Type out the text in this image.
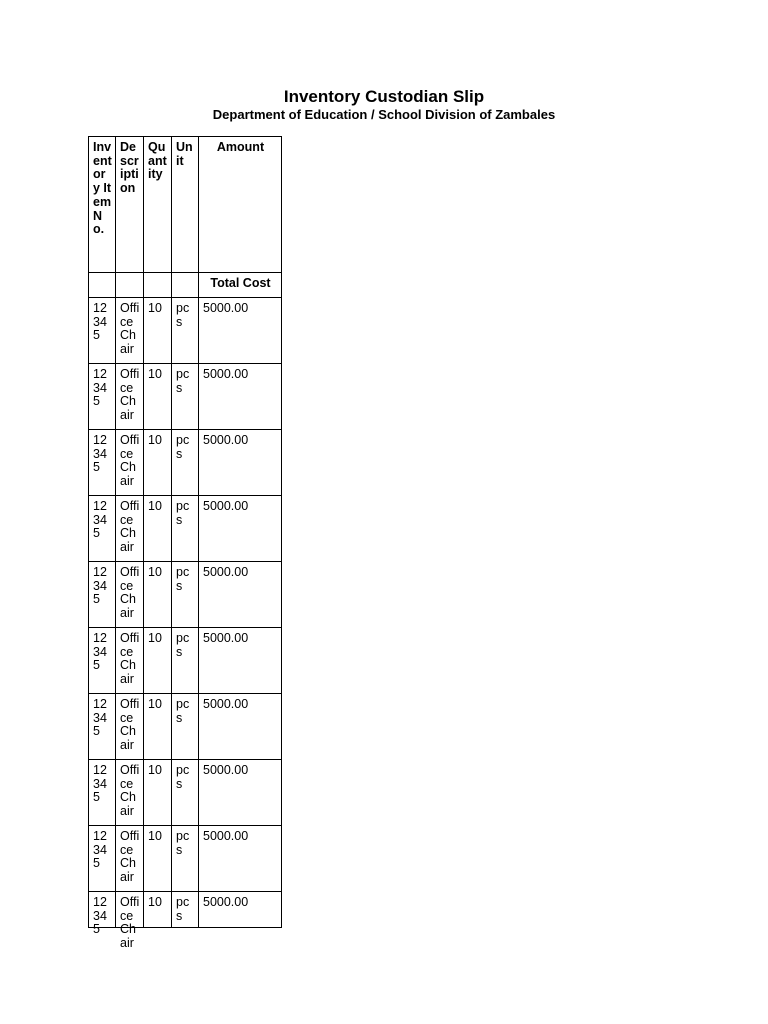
Inventory Custodian Slip
Department of Education / School Division of Zambales
Inventory Item No.	Description	Quantity	Unit	Amount
				Total Cost

12345	Office Chair	10	pcs	5000.00

12345	Office Chair	10	pcs	5000.00

12345	Office Chair	10	pcs	5000.00

12345	Office Chair	10	pcs	5000.00

12345	Office Chair	10	pcs	5000.00

12345	Office Chair	10	pcs	5000.00

12345	Office Chair	10	pcs	5000.00

12345	Office Chair	10	pcs	5000.00

12345	Office Chair	10	pcs	5000.00

12345	Office Chair	10	pcs	5000.00
